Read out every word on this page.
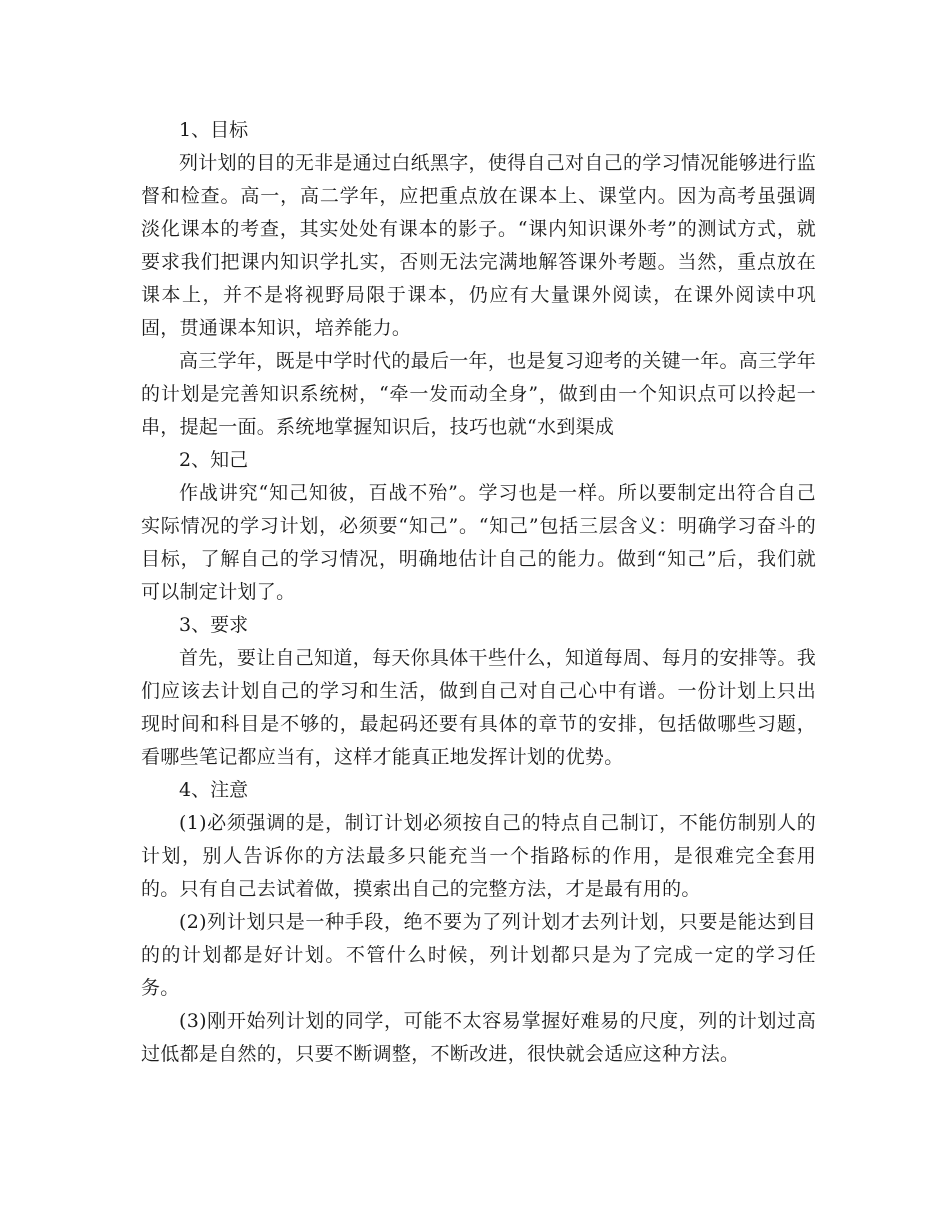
1、目标

列计划的目的无非是通过白纸黑字，使得自己对自己的学习情况能够进行监督和检查。高一，高二学年，应把重点放在课本上、课堂内。因为高考虽强调淡化课本的考查，其实处处有课本的影子。“课内知识课外考”的测试方式，就要求我们把课内知识学扎实，否则无法完满地解答课外考题。当然，重点放在课本上，并不是将视野局限于课本，仍应有大量课外阅读，在课外阅读中巩固，贯通课本知识，培养能力。

高三学年，既是中学时代的最后一年，也是复习迎考的关键一年。高三学年的计划是完善知识系统树，“牵一发而动全身”，做到由一个知识点可以拎起一串，提起一面。系统地掌握知识后，技巧也就“水到渠成

2、知己

作战讲究“知己知彼，百战不殆”。学习也是一样。所以要制定出符合自己实际情况的学习计划，必须要“知己”。“知己”包括三层含义：明确学习奋斗的目标，了解自己的学习情况，明确地估计自己的能力。做到“知己”后，我们就可以制定计划了。

3、要求

首先，要让自己知道，每天你具体干些什么，知道每周、每月的安排等。我们应该去计划自己的学习和生活，做到自己对自己心中有谱。一份计划上只出现时间和科目是不够的，最起码还要有具体的章节的安排，包括做哪些习题，看哪些笔记都应当有，这样才能真正地发挥计划的优势。

4、注意

(1)必须强调的是，制订计划必须按自己的特点自己制订，不能仿制别人的计划，别人告诉你的方法最多只能充当一个指路标的作用，是很难完全套用的。只有自己去试着做，摸索出自己的完整方法，才是最有用的。

(2)列计划只是一种手段，绝不要为了列计划才去列计划，只要是能达到目的的计划都是好计划。不管什么时候，列计划都只是为了完成一定的学习任务。

(3)刚开始列计划的同学，可能不太容易掌握好难易的尺度，列的计划过高过低都是自然的，只要不断调整，不断改进，很快就会适应这种方法。
